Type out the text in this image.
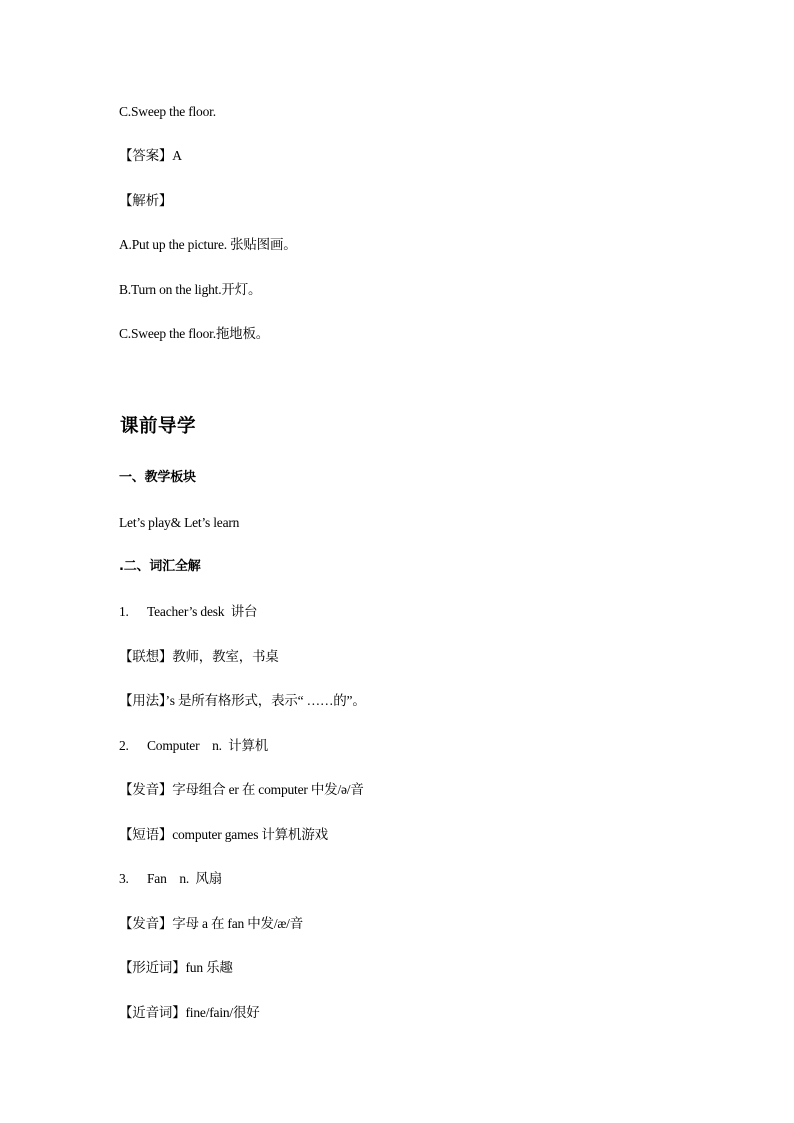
C.Sweep the floor.
【答案】A
【解析】
A.Put up the picture. 张贴图画。
B.Turn on the light.开灯。
C.Sweep the floor.拖地板。
课前导学
一、教学板块
Let’s play& Let’s learn
.二、词汇全解
1. Teacher’s desk  讲台
【联想】教师，教室，书桌
【用法】’s 是所有格形式，表示“ ……的”。
2. Computer    n.  计算机
【发音】字母组合 er 在 computer 中发/ə/音
【短语】computer games 计算机游戏
3. Fan    n.  风扇
【发音】字母 a 在 fan 中发/æ/音
【形近词】fun 乐趣
【近音词】fine/fain/很好
